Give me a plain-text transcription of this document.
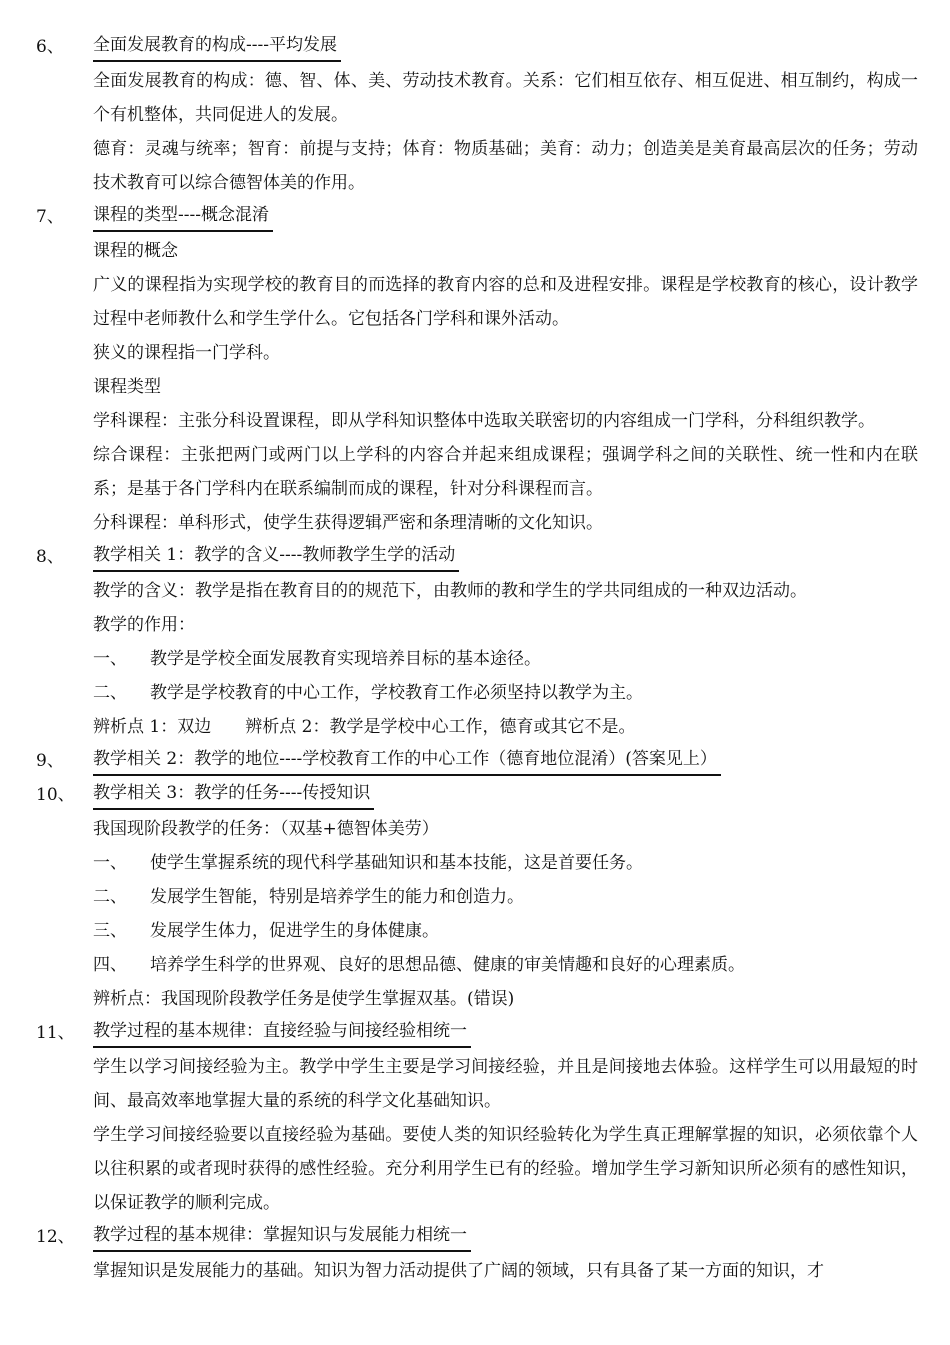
6、 全面发展教育的构成----平均发展
全面发展教育的构成：德、智、体、美、劳动技术教育。关系：它们相互依存、相互促进、相互制约，构成一个有机整体，共同促进人的发展。
德育：灵魂与统率；智育：前提与支持；体育：物质基础；美育：动力；创造美是美育最高层次的任务；劳动技术教育可以综合德智体美的作用。
7、 课程的类型----概念混淆
课程的概念
广义的课程指为实现学校的教育目的而选择的教育内容的总和及进程安排。课程是学校教育的核心，设计教学过程中老师教什么和学生学什么。它包括各门学科和课外活动。
狭义的课程指一门学科。
课程类型
学科课程：主张分科设置课程，即从学科知识整体中选取关联密切的内容组成一门学科，分科组织教学。
综合课程：主张把两门或两门以上学科的内容合并起来组成课程；强调学科之间的关联性、统一性和内在联系；是基于各门学科内在联系编制而成的课程，针对分科课程而言。
分科课程：单科形式，使学生获得逻辑严密和条理清晰的文化知识。
8、 教学相关 1：教学的含义----教师教学生学的活动
教学的含义：教学是指在教育目的的规范下，由教师的教和学生的学共同组成的一种双边活动。
教学的作用：
一、 教学是学校全面发展教育实现培养目标的基本途径。
二、 教学是学校教育的中心工作，学校教育工作必须坚持以教学为主。
辨析点 1：双边　　辨析点 2：教学是学校中心工作，德育或其它不是。
9、 教学相关 2：教学的地位----学校教育工作的中心工作（德育地位混淆）(答案见上）
10、 教学相关 3：教学的任务----传授知识
我国现阶段教学的任务：（双基+德智体美劳）
一、 使学生掌握系统的现代科学基础知识和基本技能，这是首要任务。
二、 发展学生智能，特别是培养学生的能力和创造力。
三、 发展学生体力，促进学生的身体健康。
四、 培养学生科学的世界观、良好的思想品德、健康的审美情趣和良好的心理素质。
辨析点：我国现阶段教学任务是使学生掌握双基。(错误)
11、 教学过程的基本规律：直接经验与间接经验相统一
学生以学习间接经验为主。教学中学生主要是学习间接经验，并且是间接地去体验。这样学生可以用最短的时间、最高效率地掌握大量的系统的科学文化基础知识。
学生学习间接经验要以直接经验为基础。要使人类的知识经验转化为学生真正理解掌握的知识，必须依靠个人以往积累的或者现时获得的感性经验。充分利用学生已有的经验。增加学生学习新知识所必须有的感性知识，以保证教学的顺利完成。
12、 教学过程的基本规律：掌握知识与发展能力相统一
掌握知识是发展能力的基础。知识为智力活动提供了广阔的领域，只有具备了某一方面的知识，才
